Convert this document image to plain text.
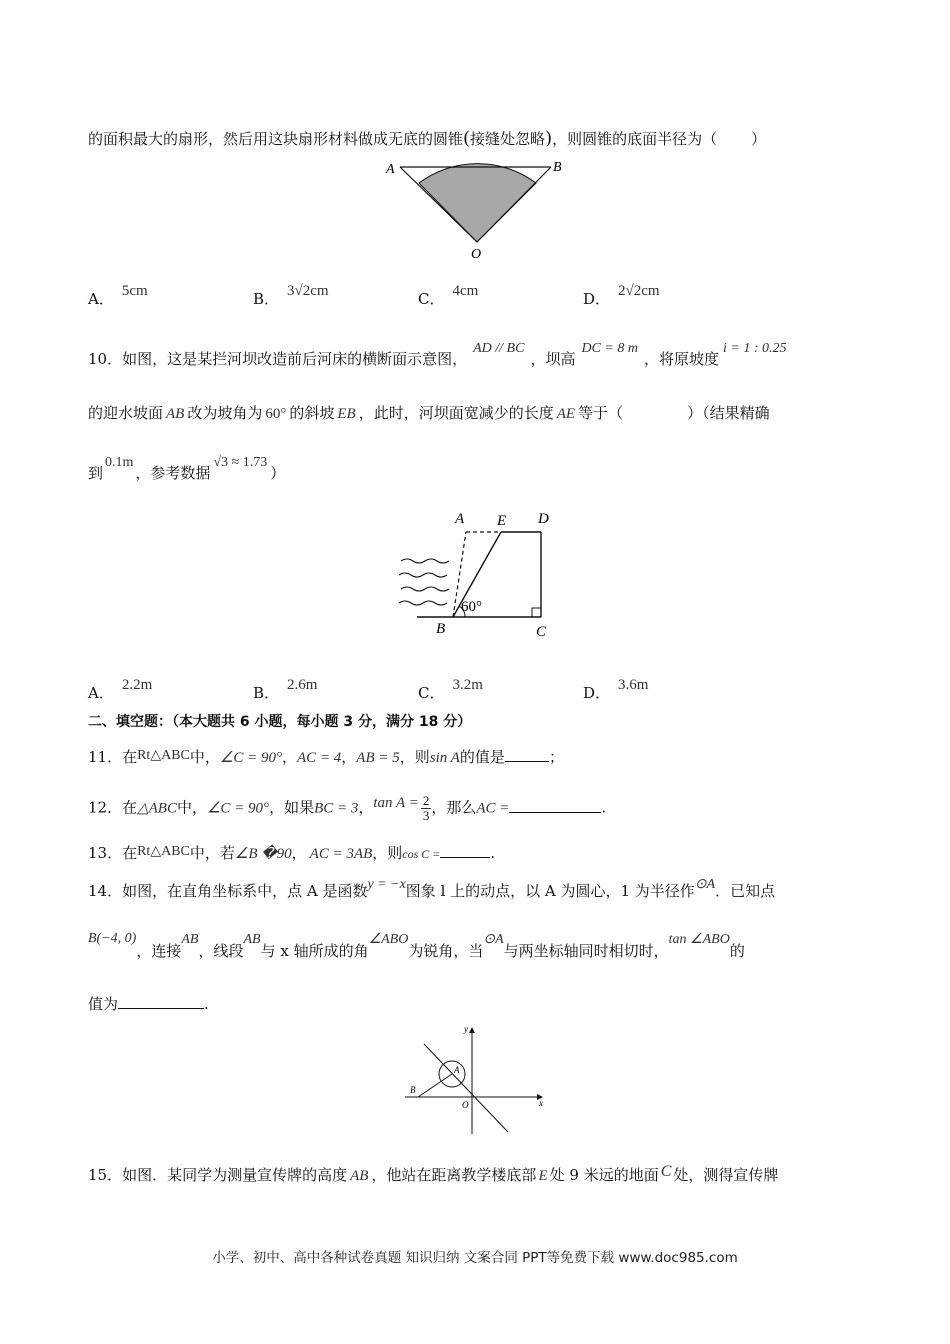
的面积最大的扇形，然后用这块扇形材料做成无底的圆锥(接缝处忽略)，则圆锥的底面半径为（ ）
A	B
O
A． 5cm	B． 3√2cm	C． 4cm	D． 2√2cm
10．如图，这是某拦河坝改造前后河床的横断面示意图，AD // BC，坝高DC = 8 m，将原坡度i = 1 : 0.25
的迎水坡面 AB 改为坡角为 60° 的斜坡 EB ，此时，河坝面宽减少的长度 AE 等于（	）（结果精确
到0.1m，参考数据√3 ≈ 1.73）
A E D
B	C
60°
A． 2.2m	B． 2.6m	C． 3.2m	D． 3.6m
二、填空题：（本大题共 6 小题，每小题 3 分，满分 18 分）
11．在Rt△ABC中，∠C = 90°，AC = 4，AB = 5，则sin A的值是	；
12．在△ABC中，∠C = 90°，如果BC = 3，$\tan A = \frac{2}{3}$ ，那么AC =	.
13．在Rt△ABC中，若∠B �90， AC = 3AB，则cos C =	.
14．如图，在直角坐标系中，点 A 是函数y = −x图象 l 上的动点，以 A 为圆心，1 为半径作⊙A．已知点
B(−4, 0)，连接AB，线段AB与 x 轴所成的角∠ABO为锐角，当⊙A与两坐标轴同时相切时，tan ∠ABO的
值为	.
y
x
O
A
B
15．如图．某同学为测量宣传牌的高度 AB ，他站在距离教学楼底部 E 处 9 米远的地面 C 处，测得宣传牌
小学、初中、高中各种试卷真题 知识归纳 文案合同 PPT等免费下载 www.doc985.com
